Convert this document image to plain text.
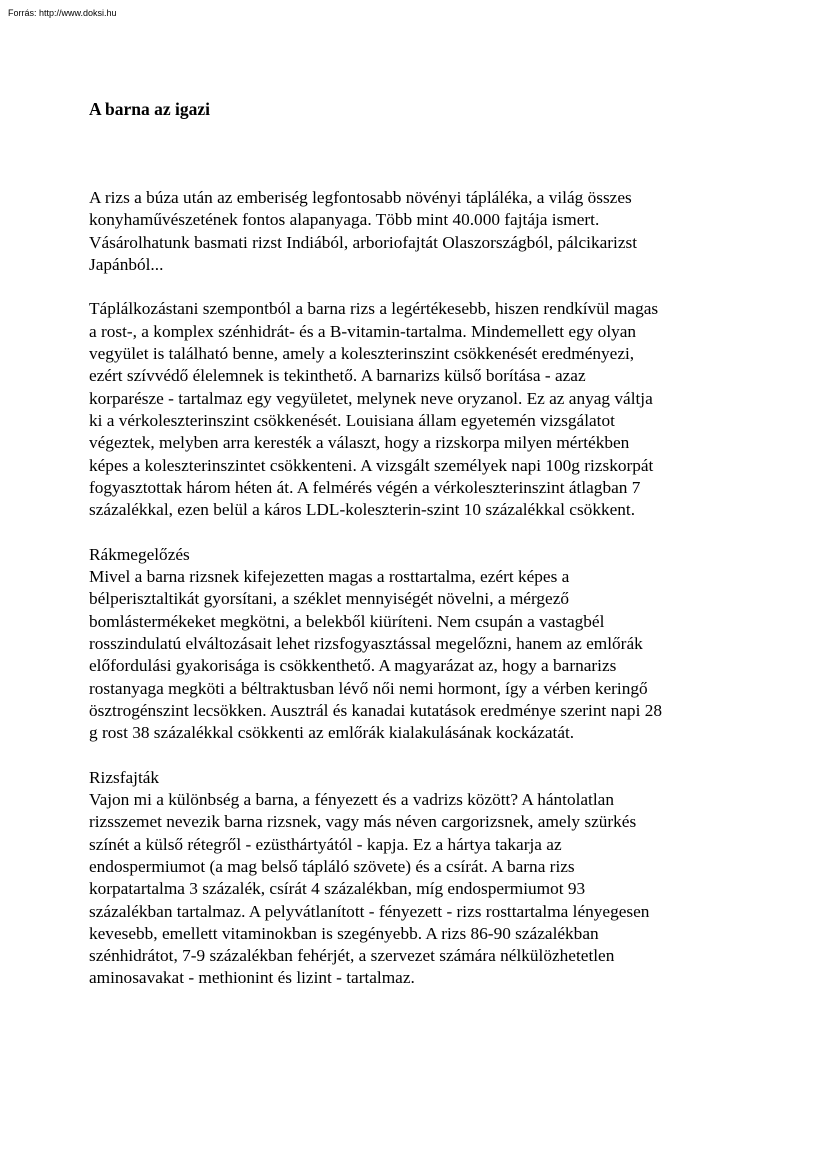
Forrás: http://www.doksi.hu

A barna az igazi

A rizs a búza után az emberiség legfontosabb növényi tápláléka, a világ összes
konyhaművészetének fontos alapanyaga. Több mint 40.000 fajtája ismert.
Vásárolhatunk basmati rizst Indiából, arboriofajtát Olaszországból, pálcikarizst
Japánból...

Táplálkozástani szempontból a barna rizs a legértékesebb, hiszen rendkívül magas
a rost-, a komplex szénhidrát- és a B-vitamin-tartalma. Mindemellett egy olyan
vegyület is található benne, amely a koleszterinszint csökkenését eredményezi,
ezért szívvédő élelemnek is tekinthető. A barnarizs külső borítása - azaz
korparésze - tartalmaz egy vegyületet, melynek neve oryzanol. Ez az anyag váltja
ki a vérkoleszterinszint csökkenését. Louisiana állam egyetemén vizsgálatot
végeztek, melyben arra keresték a választ, hogy a rizskorpa milyen mértékben
képes a koleszterinszintet csökkenteni. A vizsgált személyek napi 100g rizskorpát
fogyasztottak három héten át. A felmérés végén a vérkoleszterinszint átlagban 7
százalékkal, ezen belül a káros LDL-koleszterin-szint 10 százalékkal csökkent.

Rákmegelőzés
Mivel a barna rizsnek kifejezetten magas a rosttartalma, ezért képes a
bélperisztaltikát gyorsítani, a széklet mennyiségét növelni, a mérgező
bomlástermékeket megkötni, a belekből kiüríteni. Nem csupán a vastagbél
rosszindulatú elváltozásait lehet rizsfogyasztással megelőzni, hanem az emlőrák
előfordulási gyakorisága is csökkenthető. A magyarázat az, hogy a barnarizs
rostanyaga megköti a béltraktusban lévő női nemi hormont, így a vérben keringő
ösztrogénszint lecsökken. Ausztrál és kanadai kutatások eredménye szerint napi 28
g rost 38 százalékkal csökkenti az emlőrák kialakulásának kockázatát.

Rizsfajták
Vajon mi a különbség a barna, a fényezett és a vadrizs között? A hántolatlan
rizsszemet nevezik barna rizsnek, vagy más néven cargorizsnek, amely szürkés
színét a külső rétegről - ezüsthártyától - kapja. Ez a hártya takarja az
endospermiumot (a mag belső tápláló szövete) és a csírát. A barna rizs
korpatartalma 3 százalék, csírát 4 százalékban, míg endospermiumot 93
százalékban tartalmaz. A pelyvátlanított - fényezett - rizs rosttartalma lényegesen
kevesebb, emellett vitaminokban is szegényebb. A rizs 86-90 százalékban
szénhidrátot, 7-9 százalékban fehérjét, a szervezet számára nélkülözhetetlen
aminosavakat - methionint és lizint - tartalmaz.
